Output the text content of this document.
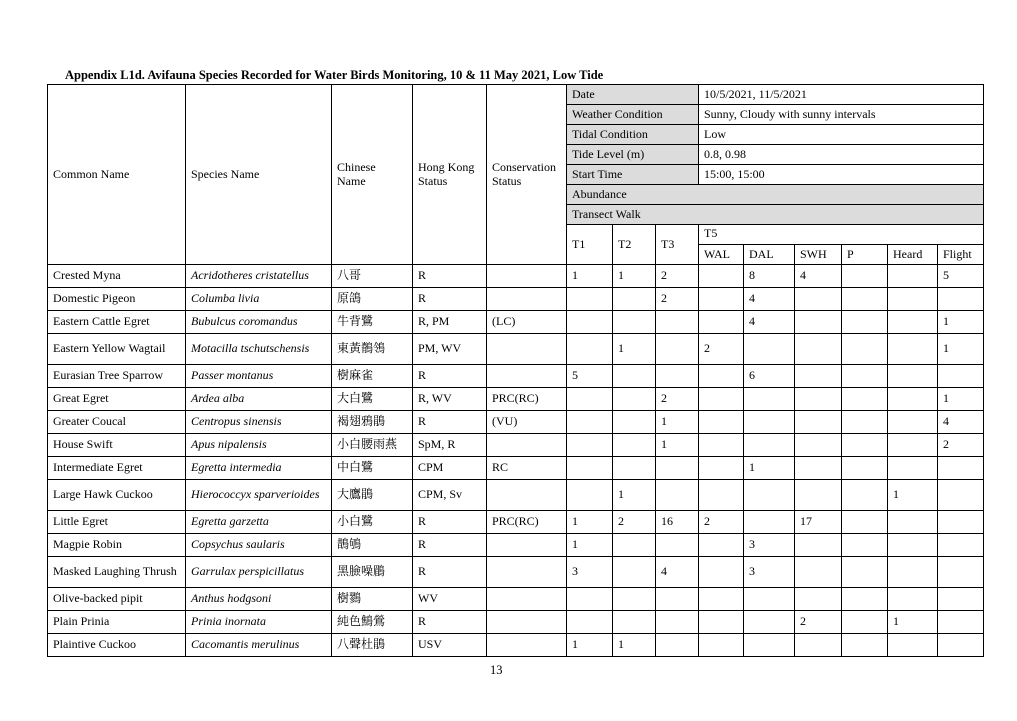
Appendix L1d. Avifauna Species Recorded for Water Birds Monitoring, 10 & 11 May 2021, Low Tide
Common Name	Species Name	Chinese Name	Hong Kong Status	Conservation Status	Date			10/5/2021, 11/5/2021					
					Weather Condition			Sunny, Cloudy with sunny intervals					
					Tidal Condition			Low					
					Tide Level (m)			0.8, 0.98					
					Start Time			15:00, 15:00					
					Abundance								
					Transect Walk								
					T1	T2	T3	T5					
								WAL	DAL	SWH	P	Heard	Flight
Crested Myna	Acridotheres cristatellus	八哥	R		1	1	2		8	4			5
Domestic Pigeon	Columba livia	原鴿	R				2		4				
Eastern Cattle Egret	Bubulcus coromandus	牛背鷺	R, PM	(LC)					4				1
Eastern Yellow Wagtail	Motacilla tschutschensis	東黃鶺鴒	PM, WV			1		2					1
Eurasian Tree Sparrow	Passer montanus	樹麻雀	R		5				6				
Great Egret	Ardea alba	大白鷺	R, WV	PRC(RC)			2						1
Greater Coucal	Centropus sinensis	褐翅鴉鵑	R	(VU)			1						4
House Swift	Apus nipalensis	小白腰雨燕	SpM, R				1						2
Intermediate Egret	Egretta intermedia	中白鷺	CPM	RC					1				
Large Hawk Cuckoo	Hierococcyx sparverioides	大鷹鵑	CPM, Sv			1						1	
Little Egret	Egretta garzetta	小白鷺	R	PRC(RC)	1	2	16	2		17			
Magpie Robin	Copsychus saularis	鵲鴝	R		1				3				
Masked Laughing Thrush	Garrulax perspicillatus	黑臉噪鶥	R		3		4		3				
Olive-backed pipit	Anthus hodgsoni	樹鷚	WV										
Plain Prinia	Prinia inornata	純色鷦鶯	R							2		1	
Plaintive Cuckoo	Cacomantis merulinus	八聲杜鵑	USV		1	1							
13
